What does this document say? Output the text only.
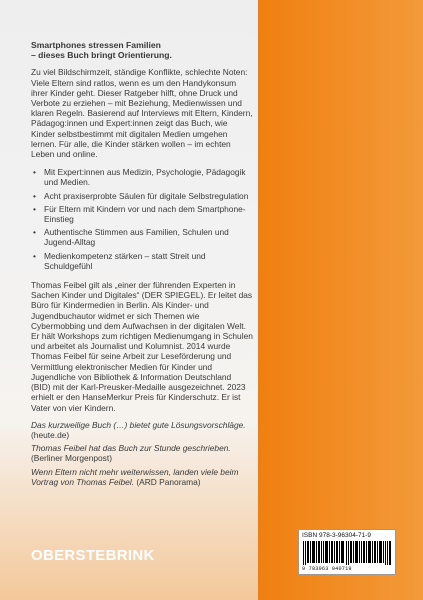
Smartphones stressen Familien
– dieses Buch bringt Orientierung.

Zu viel Bildschirmzeit, ständige Konflikte, schlechte Noten: Viele Eltern sind ratlos, wenn es um den Handykonsum ihrer Kinder geht. Dieser Ratgeber hilft, ohne Druck und Verbote zu erziehen – mit Beziehung, Medienwissen und klaren Regeln. Basierend auf Interviews mit Eltern, Kindern, Pädagog:innen und Expert:innen zeigt das Buch, wie Kinder selbstbestimmt mit digitalen Medien umgehen lernen. Für alle, die Kinder stärken wollen – im echten Leben und online.

• Mit Expert:innen aus Medizin, Psychologie, Pädagogik und Medien.
• Acht praxiserprobte Säulen für digitale Selbstregulation
• Für Eltern mit Kindern vor und nach dem Smartphone-Einstieg
• Authentische Stimmen aus Familien, Schulen und Jugend-Alltag
• Medienkompetenz stärken – statt Streit und Schuldgefühl

Thomas Feibel gilt als „einer der führenden Experten in Sachen Kinder und Digitales“ (DER SPIEGEL). Er leitet das Büro für Kindermedien in Berlin. Als Kinder- und Jugendbuchautor widmet er sich Themen wie Cybermobbing und dem Aufwachsen in der digitalen Welt. Er hält Workshops zum richtigen Medienumgang in Schulen und arbeitet als Journalist und Kolumnist. 2014 wurde Thomas Feibel für seine Arbeit zur Leseförderung und Vermittlung elektronischer Medien für Kinder und Jugendliche von Bibliothek & Information Deutschland (BID) mit der Karl-Preusker-Medaille ausgezeichnet. 2023 erhielt er den HanseMerkur Preis für Kinderschutz. Er ist Vater von vier Kindern.

Das kurzweilige Buch (…) bietet gute Lösungsvorschläge. (heute.de)

Thomas Feibel hat das Buch zur Stunde geschrieben. (Berliner Morgenpost)

Wenn Eltern nicht mehr weiterwissen, landen viele beim Vortrag von Thomas Feibel. (ARD Panorama)

OBERSTEBRINK
ISBN 978-3-96304-71-9
9 783963 040719
